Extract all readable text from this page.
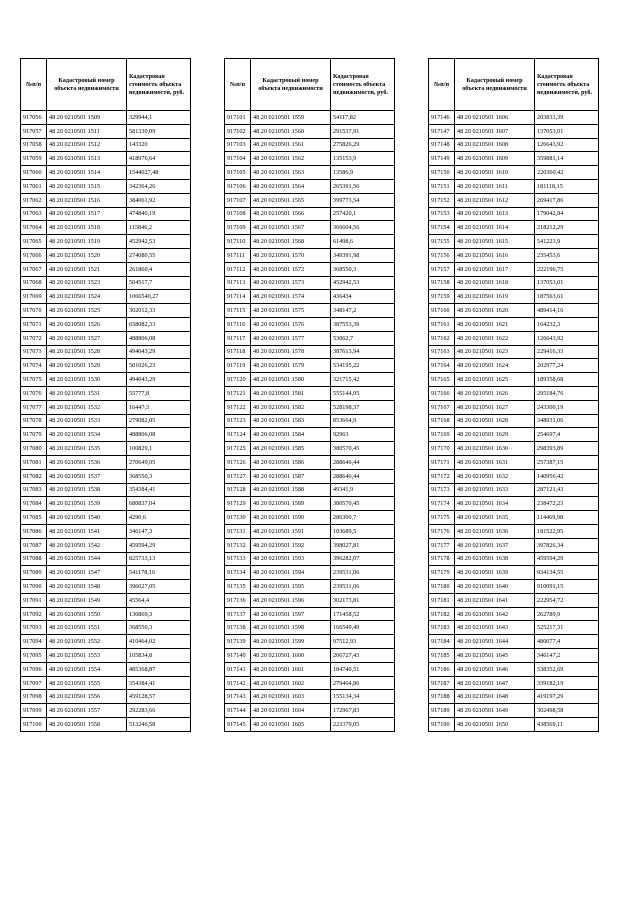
№п/п	Кадастровый номер объекта недвижимости	Кадастровая стоимость объекта недвижимости, руб.
917056	48 20 0210501 1509	329944,1
917057	48 20 0210501 1511	581330,09
917058	48 20 0210501 1512	143320
917059	48 20 0210501 1513	418976,64
917060	48 20 0210501 1514	1544027,48
917061	48 20 0210501 1515	342364,26
917062	48 20 0210501 1516	384061,92
917063	48 20 0210501 1517	474840,19
917064	48 20 0210501 1518	115846,2
917065	48 20 0210501 1519	452942,53
917066	48 20 0210501 1520	274080,55
917067	48 20 0210501 1521	261860,4
917068	48 20 0210501 1523	504517,7
917069	48 20 0210501 1524	1066540,27
917070	48 20 0210501 1525	302012,33
917071	48 20 0210501 1526	658082,33
917072	48 20 0210501 1527	488806,08
917073	48 20 0210501 1528	494043,29
917074	48 20 0210501 1529	501026,23
917075	48 20 0210501 1530	494043,29
917076	48 20 0210501 1531	55777,8
917077	48 20 0210501 1532	16447,3
917078	48 20 0210501 1533	279082,05
917079	48 20 0210501 1534	488806,08
917080	48 20 0210501 1535	100829,1
917081	48 20 0210501 1536	270649,05
917082	48 20 0210501 1537	368550,3
917083	48 20 0210501 1538	354384,41
917084	48 20 0210501 1539	680837,04
917085	48 20 0210501 1540	4290,6
917086	48 20 0210501 1541	346147,3
917087	48 20 0210501 1542	459594,29
917088	48 20 0210501 1544	825733,13
917089	48 20 0210501 1547	541178,16
917090	48 20 0210501 1548	396027,05
917091	48 20 0210501 1549	45564,4
917092	48 20 0210501 1550	130869,3
917093	48 20 0210501 1551	368550,3
917094	48 20 0210501 1552	410464,02
917095	48 20 0210501 1553	105834,8
917096	48 20 0210501 1554	485368,87
917097	48 20 0210501 1555	354384,41
917098	48 20 0210501 1556	459128,57
917099	48 20 0210501 1557	292283,66
917100	48 20 0210501 1558	513246,58
№п/п	Кадастровый номер объекта недвижимости	Кадастровая стоимость объекта недвижимости, руб.
917101	48 20 0210501 1559	54117,82
917102	48 20 0210501 1560	291537,91
917103	48 20 0210501 1561	275826,29
917104	48 20 0210501 1562	135153,9
917105	48 20 0210501 1563	13586,9
917106	48 20 0210501 1564	265391,56
917107	48 20 0210501 1565	399773,54
917108	48 20 0210501 1566	257420,1
917109	48 20 0210501 1567	366604,56
917110	48 20 0210501 1568	61498,6
917111	48 20 0210501 1570	349391,98
917112	48 20 0210501 1572	368550,3
917113	48 20 0210501 1573	452942,53
917114	48 20 0210501 1574	436434
917115	48 20 0210501 1575	348147,2
917116	48 20 0210501 1576	387553,39
917117	48 20 0210501 1577	53062,7
917118	48 20 0210501 1578	387613,94
917119	48 20 0210501 1579	534195,22
917120	48 20 0210501 1580	321715,42
917121	48 20 0210501 1581	555144,05
917122	48 20 0210501 1582	528198,37
917123	48 20 0210501 1583	853664,9
917124	48 20 0210501 1584	92963
917125	48 20 0210501 1585	380570,45
917126	48 20 0210501 1586	288646,44
917127	48 20 0210501 1587	288646,44
917128	48 20 0210501 1588	49341,9
917129	48 20 0210501 1589	380570,45
917130	48 20 0210501 1590	286300,7
917131	48 20 0210501 1591	103689,5
917132	48 20 0210501 1592	398027,81
917133	48 20 0210501 1593	396282,07
917134	48 20 0210501 1594	239531,06
917135	48 20 0210501 1595	239531,06
917136	48 20 0210501 1596	302173,81
917137	48 20 0210501 1597	171458,52
917138	48 20 0210501 1598	166549,49
917139	48 20 0210501 1599	97512,93
917140	48 20 0210501 1600	206727,43
917141	48 20 0210501 1601	184740,51
917142	48 20 0210501 1602	279464,86
917143	48 20 0210501 1603	155134,34
917144	48 20 0210501 1604	172967,83
917145	48 20 0210501 1605	223379,05
№п/п	Кадастровый номер объекта недвижимости	Кадастровая стоимость объекта недвижимости, руб.
917146	48 20 0210501 1606	203833,39
917147	48 20 0210501 1607	137053,01
917148	48 20 0210501 1608	126643,92
917149	48 20 0210501 1609	359881,14
917150	48 20 0210501 1610	220360,42
917151	48 20 0210501 1611	181118,15
917152	48 20 0210501 1612	269417,86
917153	48 20 0210501 1613	179042,84
917154	48 20 0210501 1614	218212,29
917155	48 20 0210501 1615	541223,9
917156	48 20 0210501 1616	235453,6
917157	48 20 0210501 1617	222196,75
917158	48 20 0210501 1618	137053,01
917159	48 20 0210501 1619	187563,61
917160	48 20 0210501 1620	489414,16
917161	48 20 0210501 1621	164232,3
917162	48 20 0210501 1622	126643,92
917163	48 20 0210501 1623	229416,33
917164	48 20 0210501 1624	202977,24
917165	48 20 0210501 1625	189358,68
917166	48 20 0210501 1626	295184,76
917167	48 20 0210501 1627	243300,19
917168	48 20 0210501 1628	348931,06
917169	48 20 0210501 1629	254697,4
917170	48 20 0210501 1630	298393,89
917171	48 20 0210501 1631	257387,15
917172	48 20 0210501 1632	140956,42
917173	48 20 0210501 1633	287121,43
917174	48 20 0210501 1634	238472,23
917175	48 20 0210501 1635	114469,98
917176	48 20 0210501 1636	181522,95
917177	48 20 0210501 1637	397826,34
917178	48 20 0210501 1638	459594,29
917179	48 20 0210501 1639	934134,55
917180	48 20 0210501 1640	910091,15
917181	48 20 0210501 1641	222954,72
917182	48 20 0210501 1642	262789,9
917183	48 20 0210501 1643	525217,31
917184	48 20 0210501 1644	480077,4
917185	48 20 0210501 1645	346147,2
917186	48 20 0210501 1646	538352,69
917187	48 20 0210501 1647	339182,19
917188	48 20 0210501 1648	419197,29
917189	48 20 0210501 1649	302498,58
917190	48 20 0210501 1650	438569,11
